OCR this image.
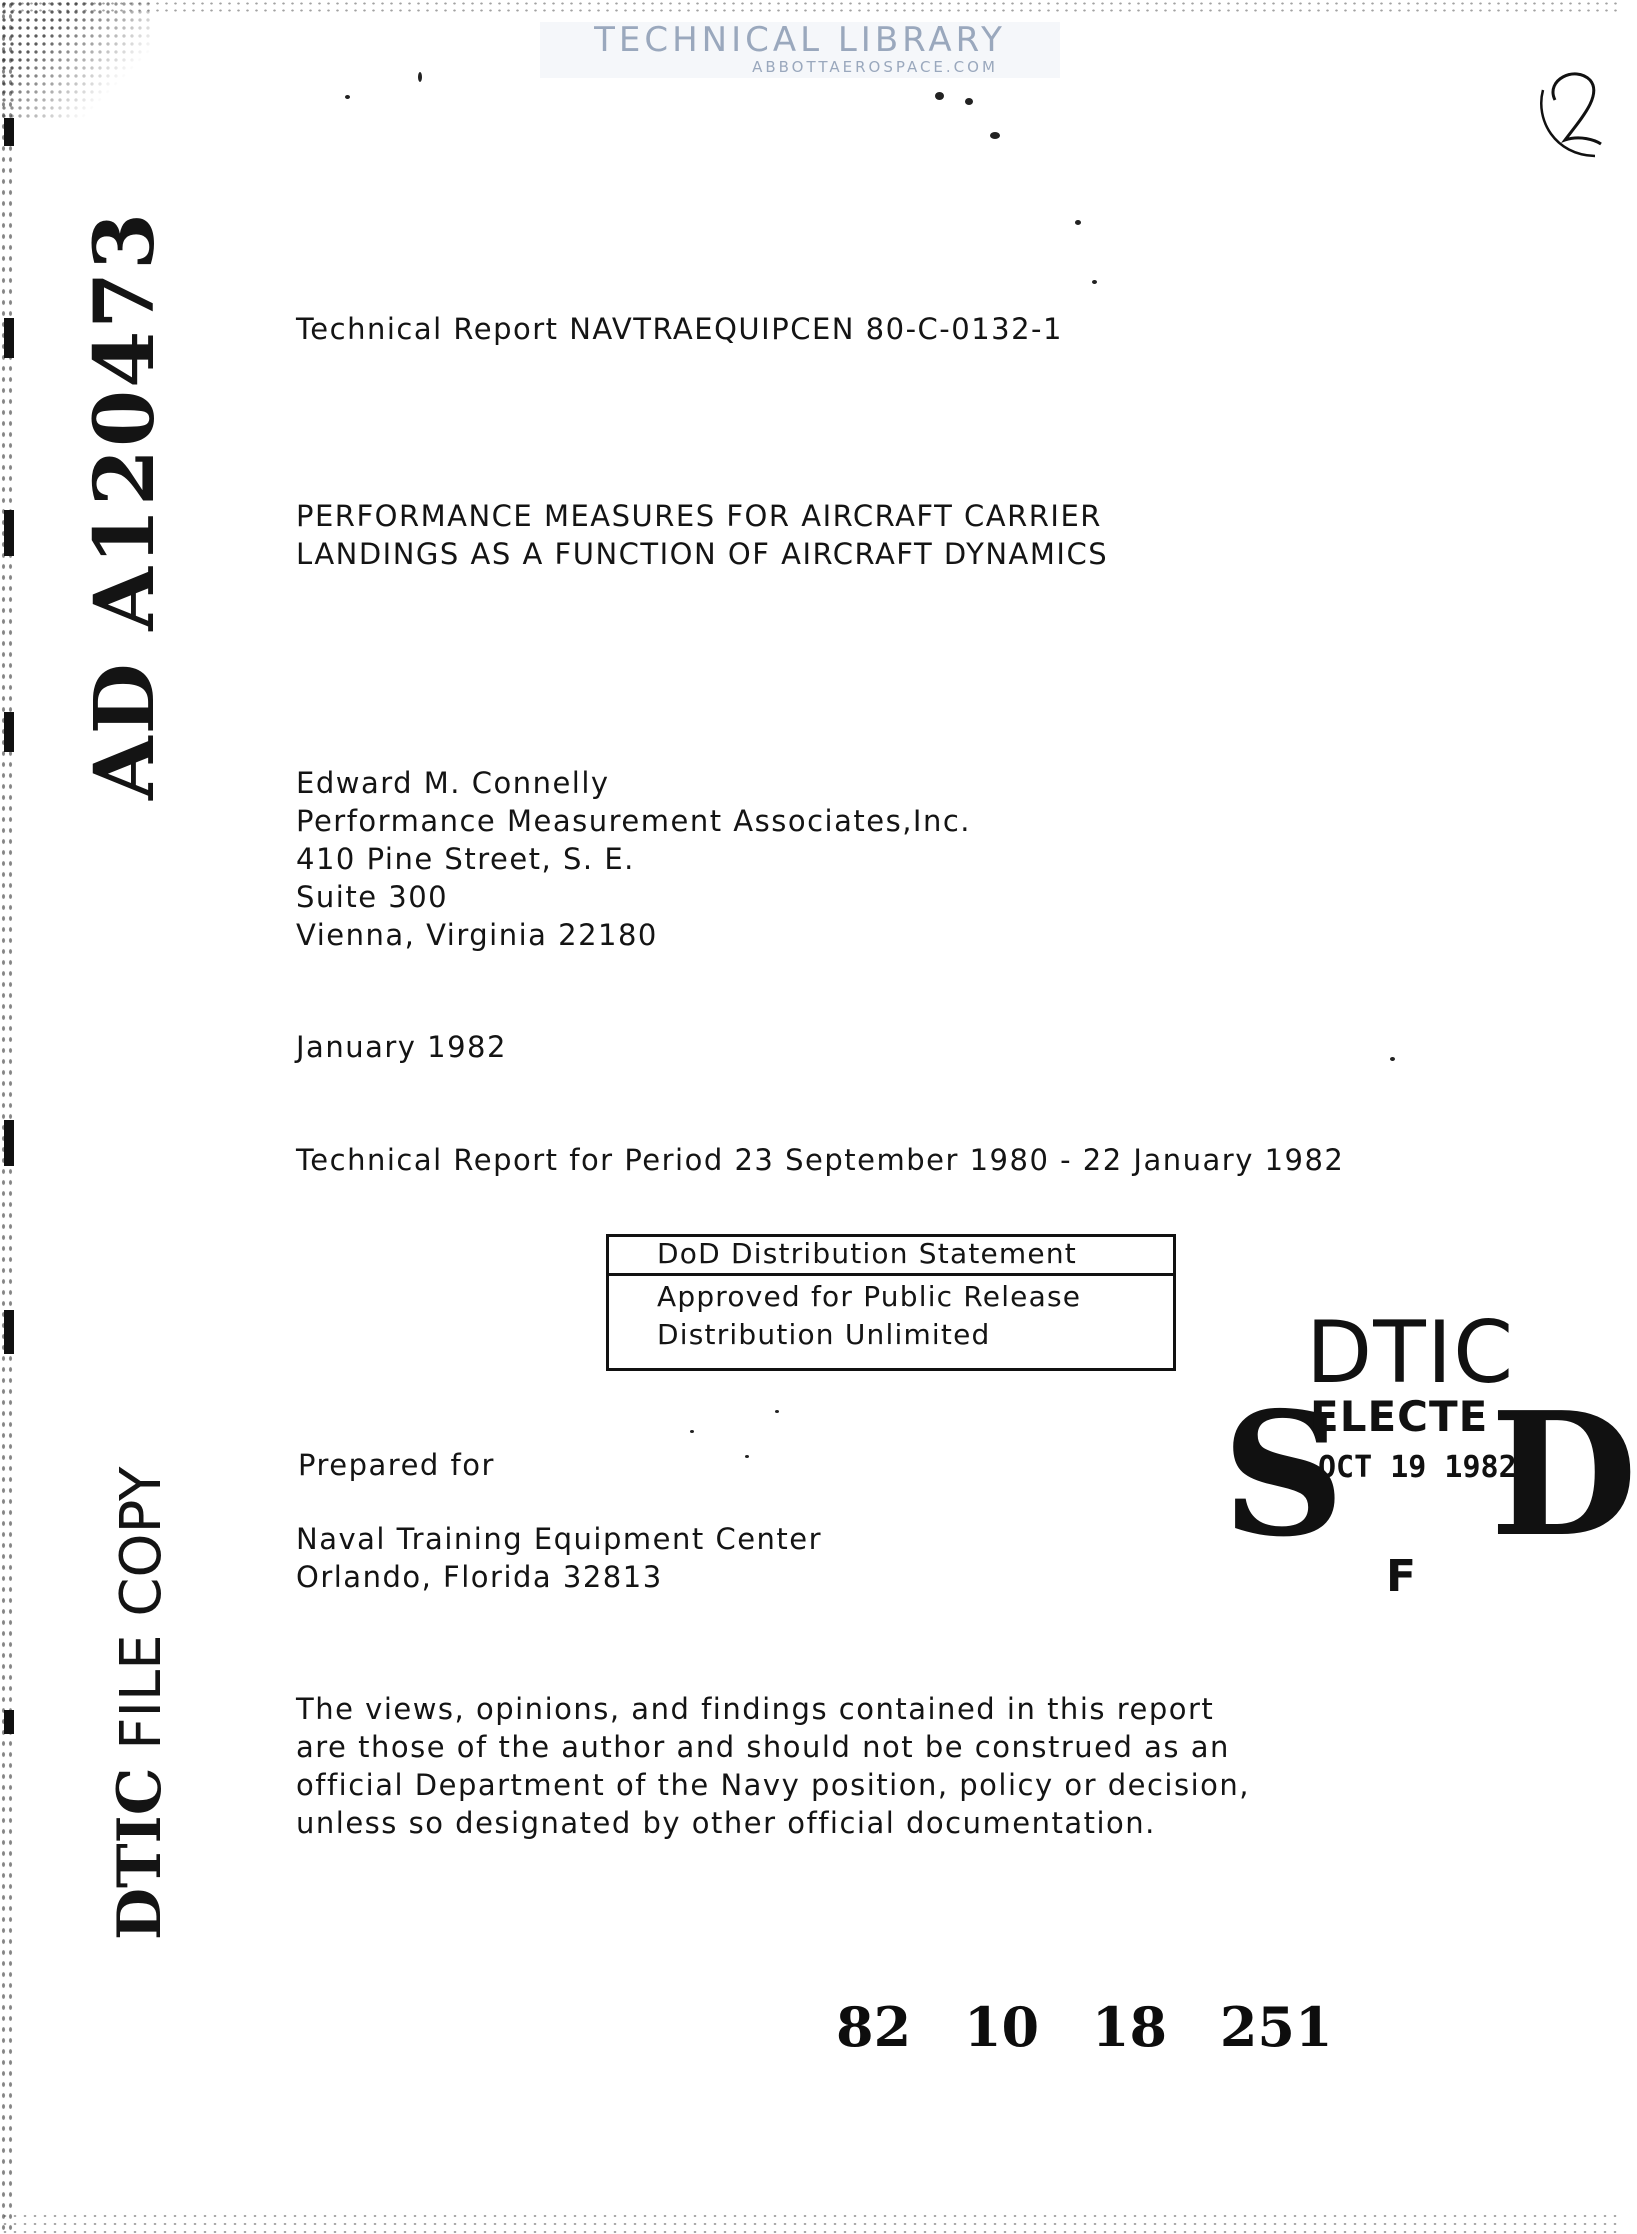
TECHNICAL LIBRARY
ABBOTTAEROSPACE.COM
AD A120473
DTIC FILE COPY
Technical Report NAVTRAEQUIPCEN 80-C-0132-1
PERFORMANCE MEASURES FOR AIRCRAFT CARRIER
LANDINGS AS A FUNCTION OF AIRCRAFT DYNAMICS
Edward M. Connelly
Performance Measurement Associates,Inc.
410 Pine Street, S. E.
Suite 300
Vienna, Virginia 22180
January 1982
Technical Report for Period 23 September 1980 - 22 January 1982
DoD Distribution Statement
Approved for Public Release
Distribution Unlimited	DTIC
S D
ELECTE
OCT 19 1982
F
Prepared for
Naval Training Equipment Center
Orlando, Florida 32813
The views, opinions, and findings contained in this report
are those of the author and should not be construed as an
official Department of the Navy position, policy or decision,
unless so designated by other official documentation.
82 10 18 251
